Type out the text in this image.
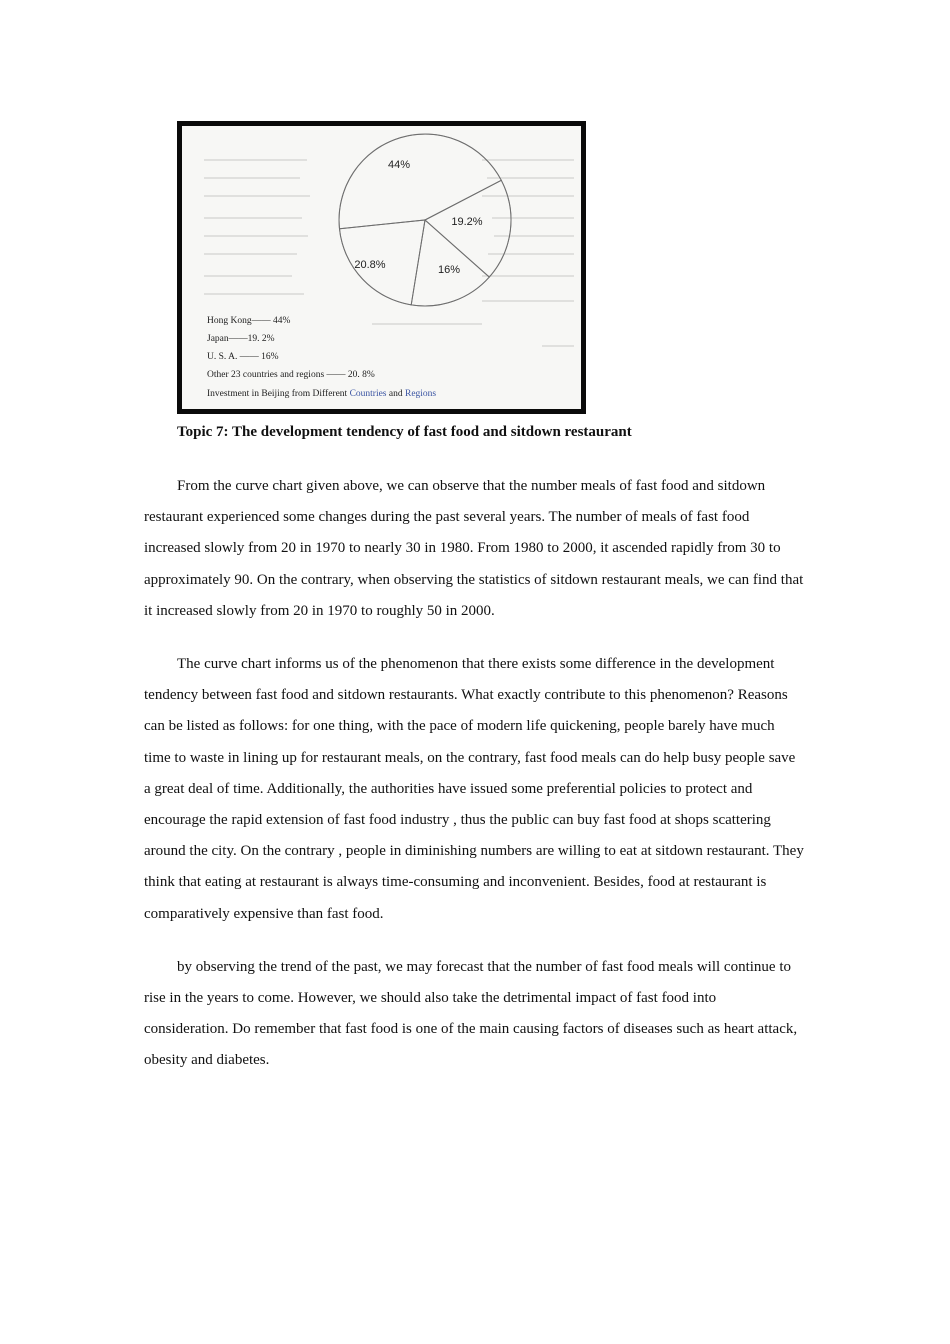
44%
19.2%
16%
20.8%
Hong Kong—— 44%
Japan——19. 2%
U. S. A. —— 16%
Other 23 countries and regions —— 20. 8%
Investment in Beijing from Different Countries and Regions
Topic 7: The development tendency of fast food and sitdown restaurant

From the curve chart given above, we can observe that the number meals of fast food and sitdown restaurant experienced some changes during the past several years. The number of meals of fast food increased slowly from 20 in 1970 to nearly 30 in 1980. From 1980 to 2000, it ascended rapidly from 30 to approximately 90. On the contrary, when observing the statistics of sitdown restaurant meals, we can find that it increased slowly from 20 in 1970 to roughly 50 in 2000.

The curve chart informs us of the phenomenon that there exists some difference in the development tendency between fast food and sitdown restaurants. What exactly contribute to this phenomenon? Reasons can be listed as follows: for one thing, with the pace of modern life quickening, people barely have much time to waste in lining up for restaurant meals, on the contrary, fast food meals can do help busy people save a great deal of time. Additionally, the authorities have issued some preferential policies to protect and encourage the rapid extension of fast food industry , thus the public can buy fast food at shops scattering around the city. On the contrary , people in diminishing numbers are willing to eat at sitdown restaurant. They think that eating at restaurant is always time-consuming and inconvenient. Besides, food at restaurant is comparatively expensive than fast food.

by observing the trend of the past, we may forecast that the number of fast food meals will continue to rise in the years to come. However, we should also take the detrimental impact of fast food into consideration. Do remember that fast food is one of the main causing factors of diseases such as heart attack, obesity and diabetes.
